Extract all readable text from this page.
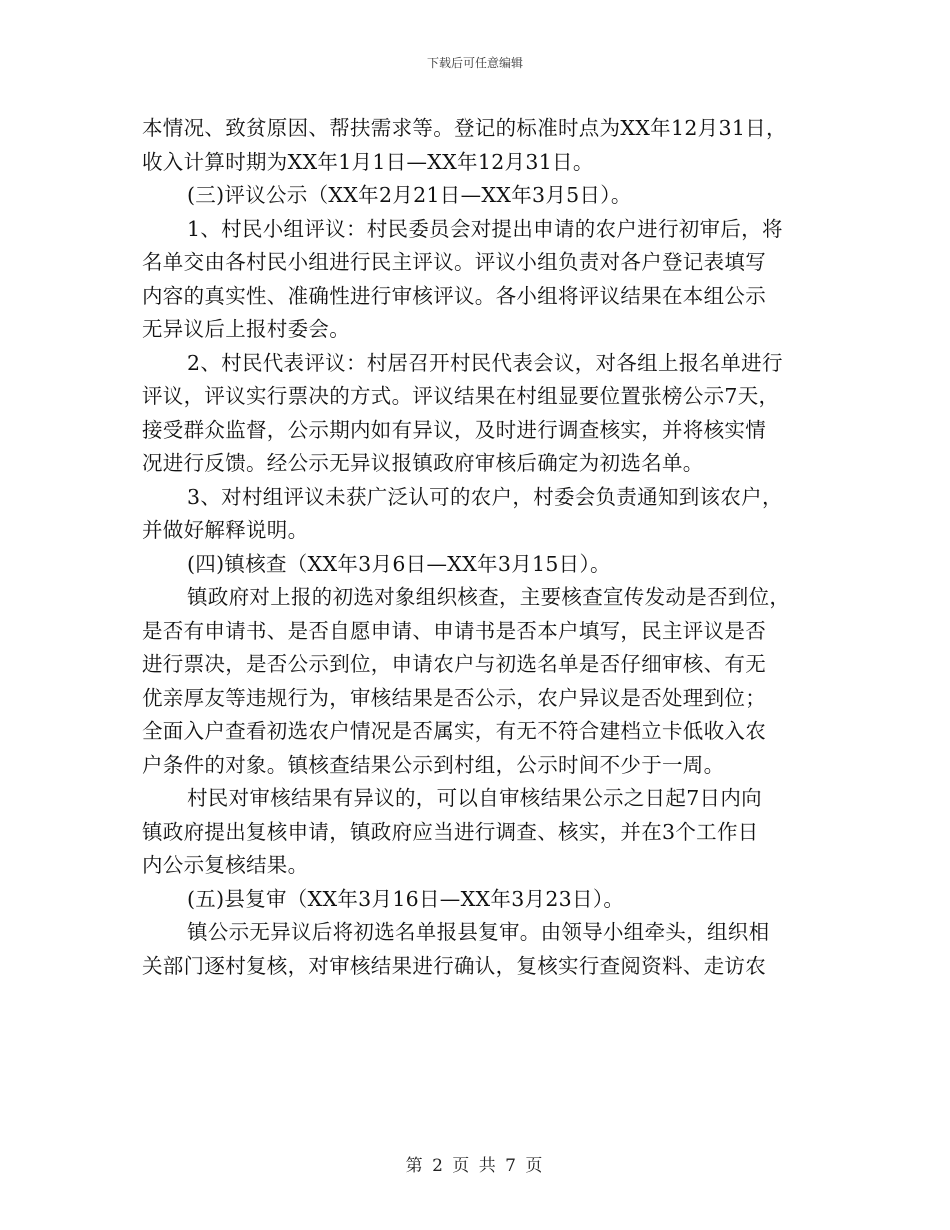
下载后可任意编辑
本情况、致贫原因、帮扶需求等。登记的标准时点为XX年12月31日，
收入计算时期为XX年1月1日—XX年12月31日。
(三)评议公示（XX年2月21日—XX年3月5日）。
1、村民小组评议：村民委员会对提出申请的农户进行初审后，将
名单交由各村民小组进行民主评议。评议小组负责对各户登记表填写
内容的真实性、准确性进行审核评议。各小组将评议结果在本组公示
无异议后上报村委会。
2、村民代表评议：村居召开村民代表会议，对各组上报名单进行
评议，评议实行票决的方式。评议结果在村组显要位置张榜公示7天，
接受群众监督，公示期内如有异议，及时进行调查核实，并将核实情
况进行反馈。经公示无异议报镇政府审核后确定为初选名单。
3、对村组评议未获广泛认可的农户，村委会负责通知到该农户，
并做好解释说明。
(四)镇核查（XX年3月6日—XX年3月15日）。
镇政府对上报的初选对象组织核查，主要核查宣传发动是否到位，
是否有申请书、是否自愿申请、申请书是否本户填写，民主评议是否
进行票决，是否公示到位，申请农户与初选名单是否仔细审核、有无
优亲厚友等违规行为，审核结果是否公示，农户异议是否处理到位；
全面入户查看初选农户情况是否属实，有无不符合建档立卡低收入农
户条件的对象。镇核查结果公示到村组，公示时间不少于一周。
村民对审核结果有异议的，可以自审核结果公示之日起7日内向
镇政府提出复核申请，镇政府应当进行调查、核实，并在3个工作日
内公示复核结果。
(五)县复审（XX年3月16日—XX年3月23日）。
镇公示无异议后将初选名单报县复审。由领导小组牵头，组织相
关部门逐村复核，对审核结果进行确认，复核实行查阅资料、走访农
第 2 页 共 7 页
